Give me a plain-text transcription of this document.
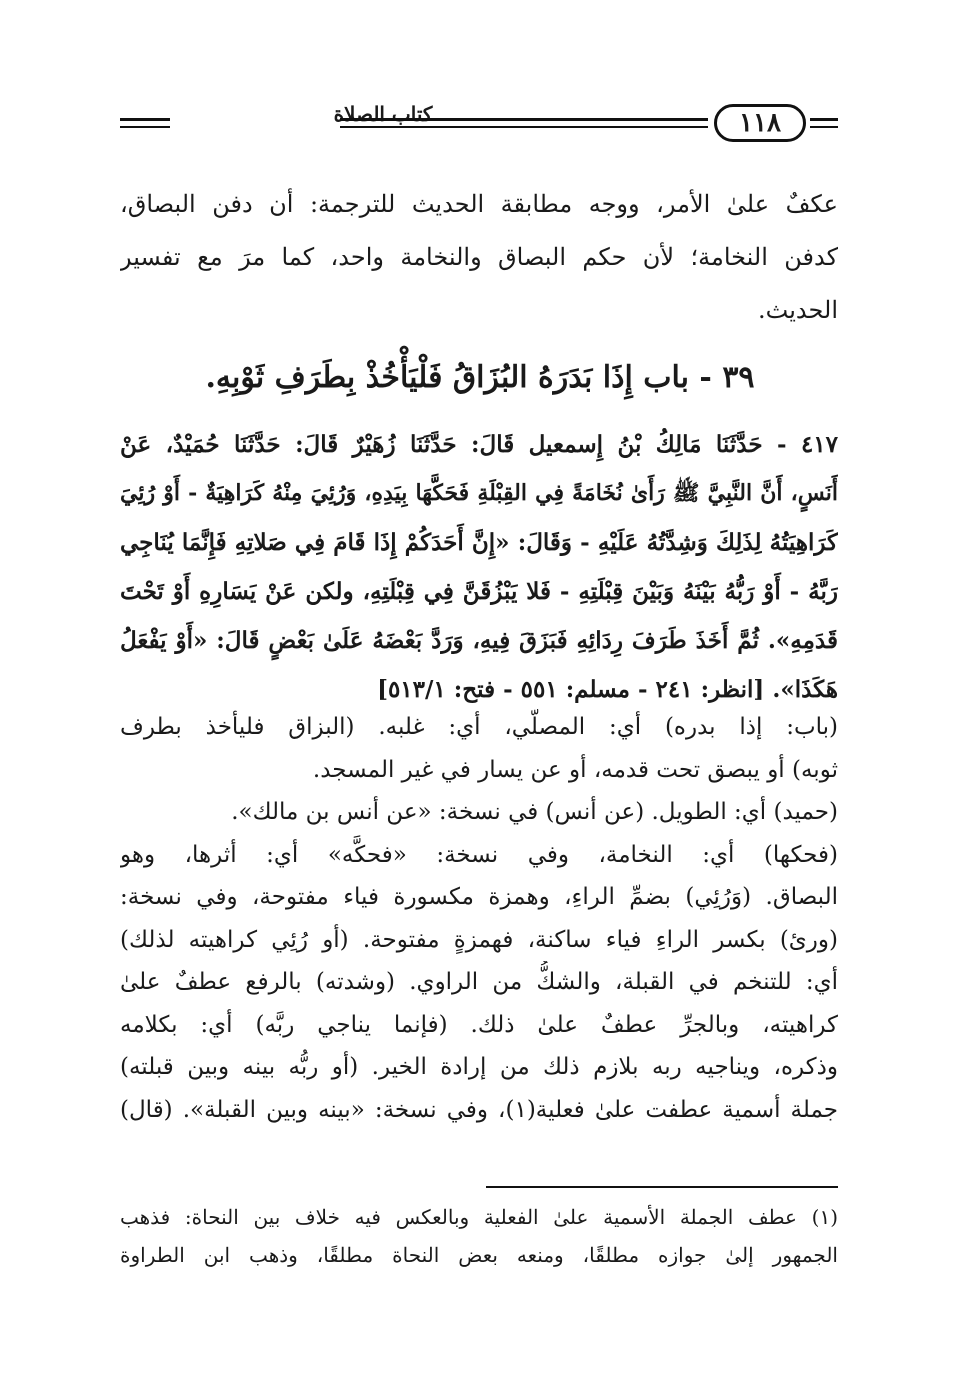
كتاب الصلاة	١١٨
عكفٌ علىٰ الأمر، ووجه مطابقة الحديث للترجمة: أن دفن البصاق،
كدفن النخامة؛ لأن حكم البصاق والنخامة واحد، كما مرَ مع تفسير
الحديث.
٣٩ - باب إِذَا بَدَرَهُ البُزَاقُ فَلْيَأْخُذْ بِطَرَفِ ثَوْبِهِ.
٤١٧ - حَدَّثَنَا مَالِكُ بْنُ إِسمعيل قَالَ: حَدَّثَنَا زُهَيْرٌ قَالَ: حَدَّثَنَا حُمَيْدٌ، عَنْ
أَنَسٍ، أَنَّ النَّبِيَّ ﷺ رَأَىٰ نُخَامَةً فِي القِبْلَةِ فَحَكَّهَا بِيَدِهِ، وَرُئِيَ مِنْهُ كَرَاهِيَةٌ - أَوْ رُئِيَ
كَرَاهِيَتُهُ لِذَلِكَ وَشِدَّتُهُ عَلَيْهِ - وَقَالَ: «إِنَّ أَحَدَكُمْ إِذَا قَامَ فِي صَلاتِهِ فَإِنَّمَا يُنَاجِي
رَبَّهُ - أَوْ رَبُّهُ بَيْنَهُ وَبَيْنَ قِبْلَتِهِ - فَلا يَبْزُقَنَّ فِي قِبْلَتِهِ، ولكن عَنْ يَسَارِهِ أَوْ تَحْتَ
قَدَمِهِ». ثُمَّ أَخَذَ طَرَفَ رِدَائِهِ فَبَزَقَ فِيهِ، وَرَدَّ بَعْضَهُ عَلَىٰ بَعْضٍ قَالَ: «أَوْ يَفْعَلُ
هَكَذَا». [انظر: ٢٤١ - مسلم: ٥٥١ - فتح: ٥١٣/١]
(باب: إذا بدره) أي: المصلّي، أي: غلبه. (البزاق فليأخذ بطرف
ثوبه) أو يبصق تحت قدمه، أو عن يسار في غير المسجد.
(حميد) أي: الطويل. (عن أنس) في نسخة: «عن أنس بن مالك».
(فحكها) أي: النخامة، وفي نسخة: «فحكَّه» أي: أثرها، وهو
البصاق. (وَرُئِي) بضمِّ الراءِ، وهمزة مكسورة فياء مفتوحة، وفي نسخة:
(ورئ) بكسر الراءِ فياء ساكنة، فهمزةٍ مفتوحة. (أو رُئِي كراهيته لذلك)
أي: للتنخم في القبلة، والشكُّ من الراوي. (وشدته) بالرفع عطفٌ علىٰ
كراهيته، وبالجرِّ عطفٌ علىٰ ذلك. (فإنما يناجي ربَّه) أي: بكلامه
وذكره، ويناجيه ربه بلازم ذلك من إرادة الخير. (أو ربُّه بينه وبين قبلته)
جملة أسمية عطفت علىٰ فعلية(١)، وفي نسخة: «بينه وبين القبلة». (قال)
(١) عطف الجملة الأسمية علىٰ الفعلية وبالعكس فيه خلاف بين النحاة: فذهب
الجمهور إلىٰ جوازه مطلقًا، ومنعه بعض النحاة مطلقًا، وذهب ابن الطراوة
